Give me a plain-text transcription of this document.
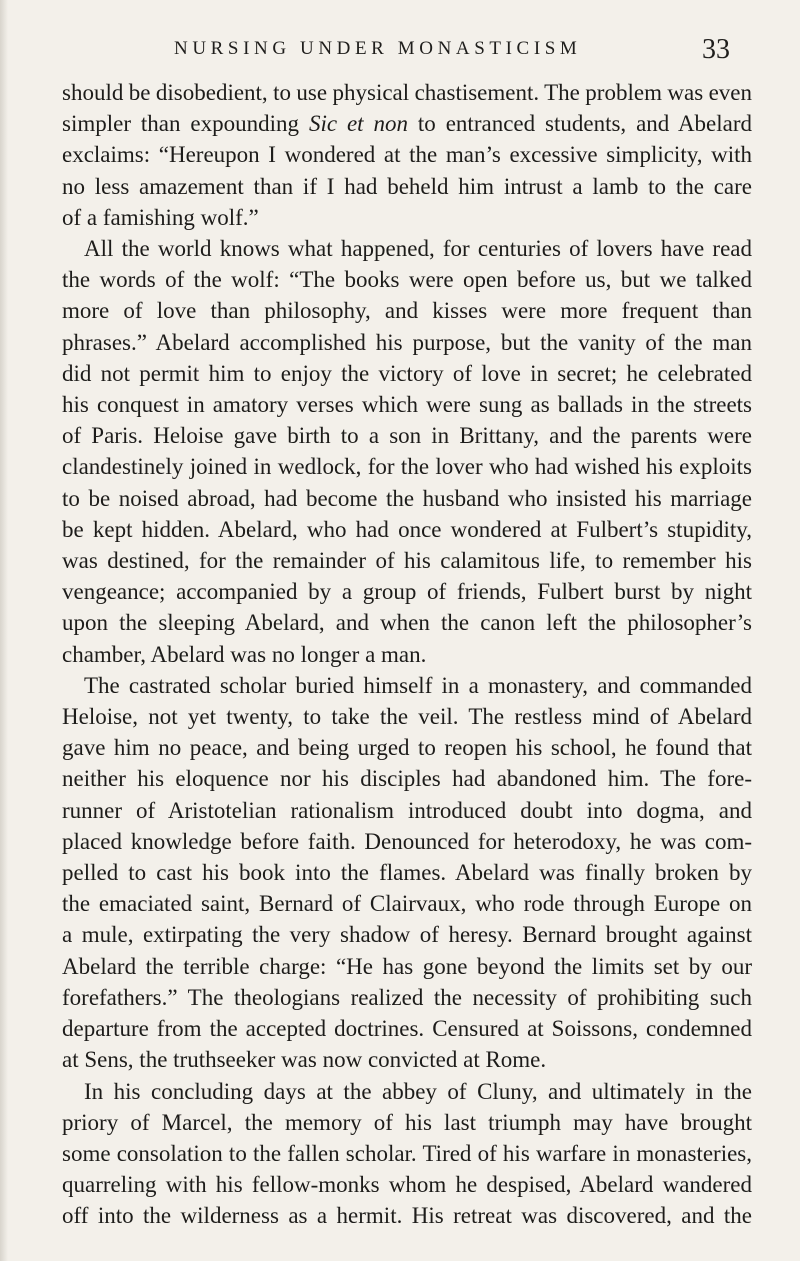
NURSING UNDER MONASTICISM	33
should be disobedient, to use physical chastisement. The problem was even
simpler than expounding Sic et non to entranced students, and Abelard
exclaims: “Hereupon I wondered at the man’s excessive simplicity, with
no less amazement than if I had beheld him intrust a lamb to the care
of a famishing wolf.”
All the world knows what happened, for centuries of lovers have read
the words of the wolf: “The books were open before us, but we talked
more of love than philosophy, and kisses were more frequent than
phrases.” Abelard accomplished his purpose, but the vanity of the man
did not permit him to enjoy the victory of love in secret; he celebrated
his conquest in amatory verses which were sung as ballads in the streets
of Paris. Heloise gave birth to a son in Brittany, and the parents were
clandestinely joined in wedlock, for the lover who had wished his exploits
to be noised abroad, had become the husband who insisted his marriage
be kept hidden. Abelard, who had once wondered at Fulbert’s stupidity,
was destined, for the remainder of his calamitous life, to remember his
vengeance; accompanied by a group of friends, Fulbert burst by night
upon the sleeping Abelard, and when the canon left the philosopher’s
chamber, Abelard was no longer a man.
The castrated scholar buried himself in a monastery, and commanded
Heloise, not yet twenty, to take the veil. The restless mind of Abelard
gave him no peace, and being urged to reopen his school, he found that
neither his eloquence nor his disciples had abandoned him. The fore-
runner of Aristotelian rationalism introduced doubt into dogma, and
placed knowledge before faith. Denounced for heterodoxy, he was com-
pelled to cast his book into the flames. Abelard was finally broken by
the emaciated saint, Bernard of Clairvaux, who rode through Europe on
a mule, extirpating the very shadow of heresy. Bernard brought against
Abelard the terrible charge: “He has gone beyond the limits set by our
forefathers.” The theologians realized the necessity of prohibiting such
departure from the accepted doctrines. Censured at Soissons, condemned
at Sens, the truthseeker was now convicted at Rome.
In his concluding days at the abbey of Cluny, and ultimately in the
priory of Marcel, the memory of his last triumph may have brought
some consolation to the fallen scholar. Tired of his warfare in monasteries,
quarreling with his fellow-monks whom he despised, Abelard wandered
off into the wilderness as a hermit. His retreat was discovered, and the
